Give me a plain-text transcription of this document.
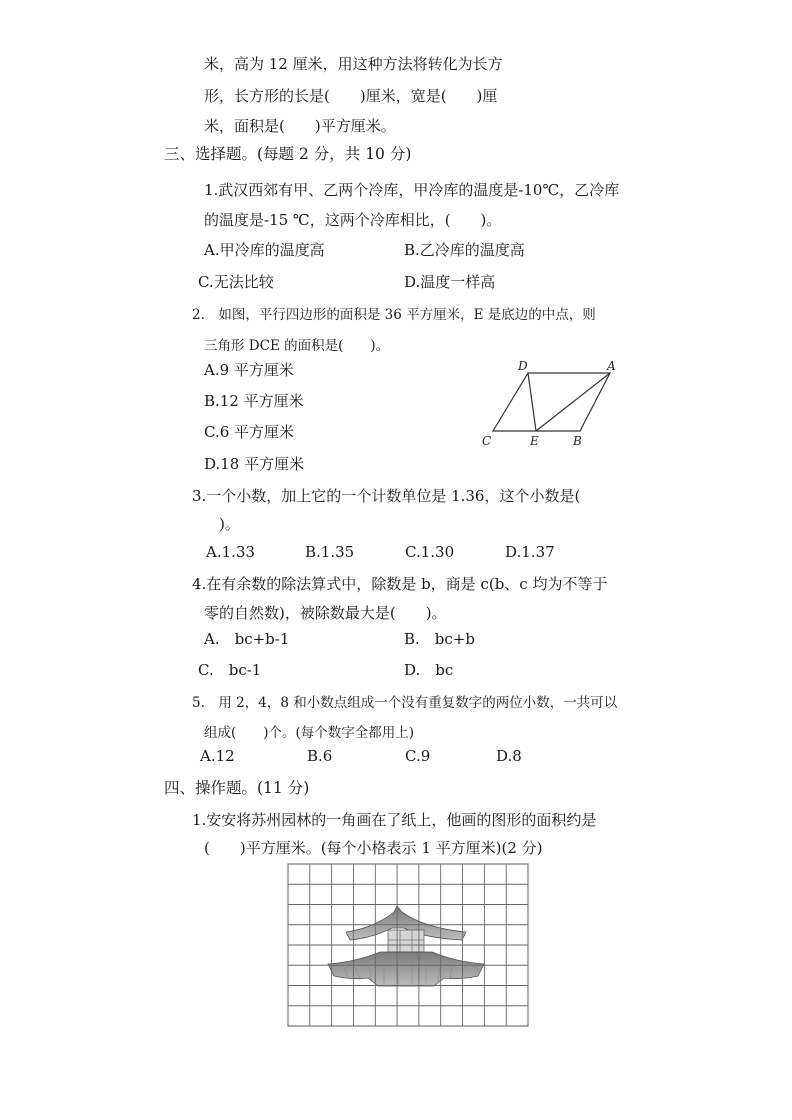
米，高为 12 厘米，用这种方法将转化为长方
形，长方形的长是(　　)厘米，宽是(　　)厘
米，面积是(　　)平方厘米。
三、选择题。(每题 2 分，共 10 分)
1.武汉西郊有甲、乙两个冷库，甲冷库的温度是-10℃，乙冷库
的温度是-15 ℃，这两个冷库相比，(　　)。
A.甲冷库的温度高	B.乙冷库的温度高
C.无法比较	D.温度一样高
2.　如图，平行四边形的面积是 36 平方厘米，E 是底边的中点，则
三角形 DCE 的面积是(　　)。
A.9 平方厘米
B.12 平方厘米
C.6 平方厘米
D.18 平方厘米
D	A
C	E	B
3.一个小数，加上它的一个计数单位是 1.36，这个小数是(
　)。
A.1.33	B.1.35	C.1.30	D.1.37
4.在有余数的除法算式中，除数是 b，商是 c(b、c 均为不等于
零的自然数)，被除数最大是(　　)。
A.　bc+b-1	B.　bc+b
C.　bc-1	D.　bc
5.　用 2，4，8 和小数点组成一个没有重复数字的两位小数，一共可以
组成(　　)个。(每个数字全都用上)
A.12	B.6	C.9	D.8
四、操作题。(11 分)
1.安安将苏州园林的一角画在了纸上，他画的图形的面积约是
(　　)平方厘米。(每个小格表示 1 平方厘米)(2 分)
